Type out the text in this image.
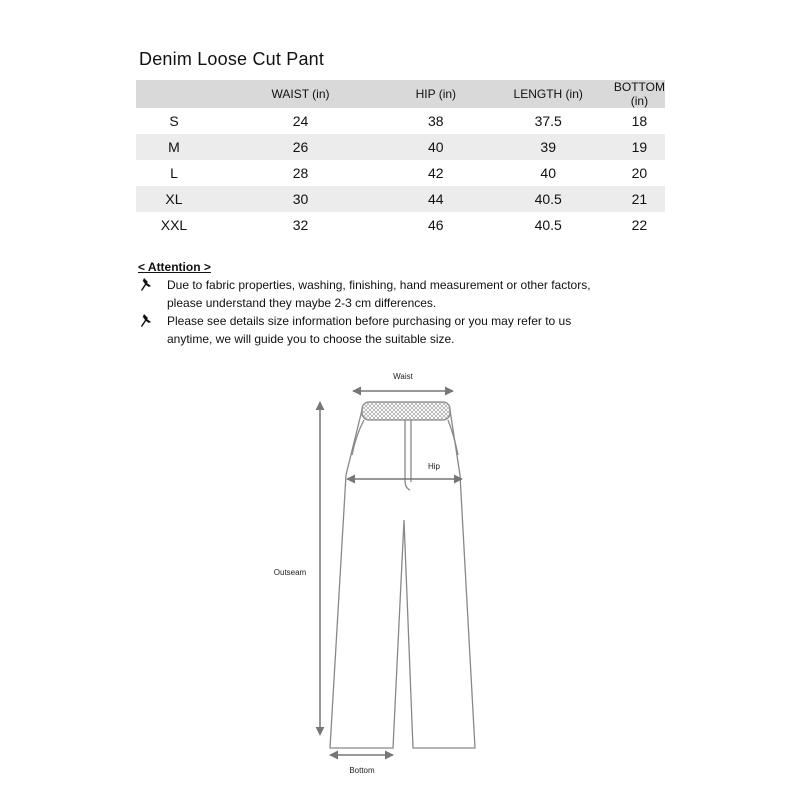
Denim Loose Cut Pant
	WAIST (in)	HIP (in)	LENGTH (in)	BOTTOM (in)
S	24	38	37.5	18
M	26	40	39	19
L	28	42	40	20
XL	30	44	40.5	21
XXL	32	46	40.5	22
< Attention >
Due to fabric properties, washing, finishing, hand measurement or other factors, please understand they maybe 2-3 cm differences.
Please see details size information before purchasing or you may refer to us anytime, we will guide you to choose the suitable size.
Waist
Outseam
Hip
Bottom
